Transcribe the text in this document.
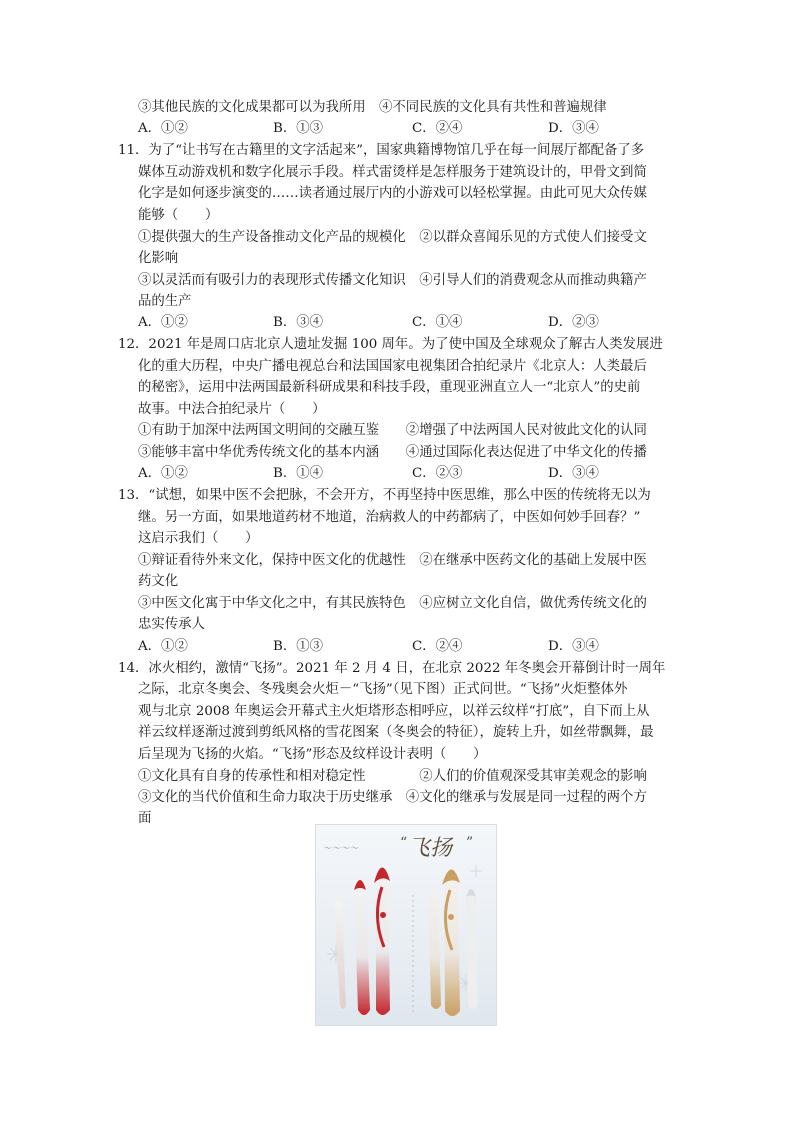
③其他民族的文化成果都可以为我所用　④不同民族的文化具有共性和普遍规律
A．①②	B．①③	C．②④	D．③④
11．为了“让书写在古籍里的文字活起来”，国家典籍博物馆几乎在每一间展厅都配备了多
媒体互动游戏机和数字化展示手段。样式雷烫样是怎样服务于建筑设计的，甲骨文到简
化字是如何逐步演变的……读者通过展厅内的小游戏可以轻松掌握。由此可见大众传媒
能够（　　）
①提供强大的生产设备推动文化产品的规模化　②以群众喜闻乐见的方式使人们接受文
化影响
③以灵活而有吸引力的表现形式传播文化知识　④引导人们的消费观念从而推动典籍产
品的生产
A．①②	B．③④	C．①④	D．②③
12．2021 年是周口店北京人遗址发掘 100 周年。为了使中国及全球观众了解古人类发展进
化的重大历程，中央广播电视总台和法国国家电视集团合拍纪录片《北京人：人类最后
的秘密》，运用中法两国最新科研成果和科技手段，重现亚洲直立人一“北京人”的史前
故事。中法合拍纪录片（　　）
①有助于加深中法两国文明间的交融互鉴　　②增强了中法两国人民对彼此文化的认同
③能够丰富中华优秀传统文化的基本内涵　　④通过国际化表达促进了中华文化的传播
A．①②	B．①④	C．②③	D．③④
13．“试想，如果中医不会把脉，不会开方，不再坚持中医思维，那么中医的传统将无以为
继。另一方面，如果地道药材不地道，治病救人的中药都病了，中医如何妙手回春？”
这启示我们（　　）
①辩证看待外来文化，保持中医文化的优越性　②在继承中医药文化的基础上发展中医
药文化
③中医文化寓于中华文化之中，有其民族特色　④应树立文化自信，做优秀传统文化的
忠实传承人
A．①②	B．①③	C．②④	D．③④
14．冰火相约，激情“飞扬”。2021 年 2 月 4 日，在北京 2022 年冬奥会开幕倒计时一周年
之际，北京冬奥会、冬残奥会火炬－“飞扬”（见下图）正式问世。“飞扬”火炬整体外
观与北京 2008 年奥运会开幕式主火炬塔形态相呼应，以祥云纹样“打底”，自下而上从
祥云纹样逐渐过渡到剪纸风格的雪花图案（冬奥会的特征），旋转上升，如丝带飘舞，最
后呈现为飞扬的火焰。“飞扬”形态及纹样设计表明（　　）
①文化具有自身的传承性和相对稳定性　　　　②人们的价值观深受其审美观念的影响
③文化的当代价值和生命力取决于历史继承　④文化的继承与发展是同一过程的两个方
面
～～～～ 飞扬
“	”
